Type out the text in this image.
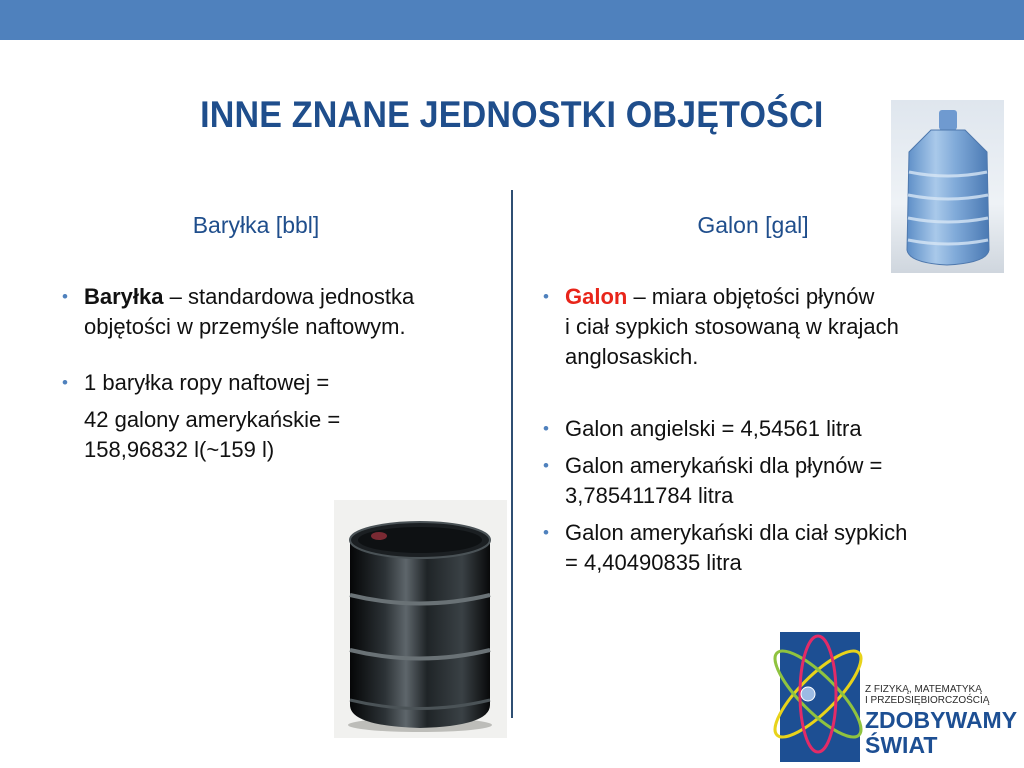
INNE ZNANE JEDNOSTKI OBJĘTOŚCI
Baryłka [bbl]	Galon [gal]
• Baryłka – standardowa jednostka
objętości w przemyśle naftowym.
• 1 baryłka ropy naftowej =
42 galony amerykańskie =
158,96832 l(~159 l)
• Galon – miara objętości płynów
i ciał sypkich stosowaną w krajach
anglosaskich.
• Galon angielski = 4,54561 litra
• Galon amerykański dla płynów =
3,785411784 litra
• Galon amerykański dla ciał sypkich
= 4,40490835 litra
Z FIZYKĄ, MATEMATYKĄ
I PRZEDSIĘBIORCZOŚCIĄ
ZDOBYWAMY
ŚWIAT
